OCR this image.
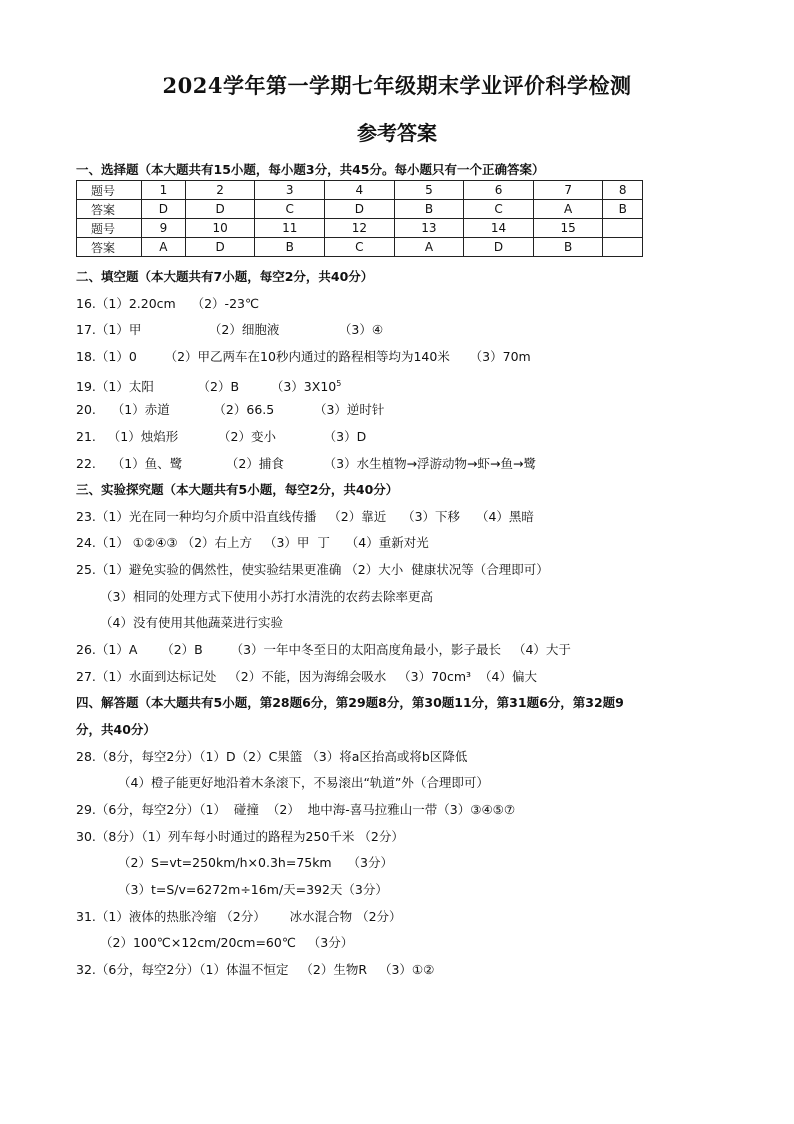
2024学年第一学期七年级期末学业评价科学检测
参考答案
一、选择题（本大题共有15小题，每小题3分，共45分。每小题只有一个正确答案）
题号	1	2	3	4	5	6	7	8
答案	D	D	C	D	B	C	A	B
题号	9	10	11	12	13	14	15	
答案	A	D	B	C	A	D	B	
二、填空题（本大题共有7小题，每空2分，共40分）
16.（1）2.20cm    （2）-23℃
17.（1）甲                 （2）细胞液               （3）④
18.（1）0       （2）甲乙两车在10秒内通过的路程相等均为140米     （3）70m
19.（1）太阳           （2）B        $(3)3X10^5$
20.    （1）赤道           （2）66.5          （3）逆时针
21.   （1）烛焰形          （2）变小            （3）D
22.    （1）鱼、鹭           （2）捕食          （3）水生植物→浮游动物→虾→鱼→鹭
三、实验探究题（本大题共有5小题，每空2分，共40分）
23.（1）光在同一种均匀介质中沿直线传播   （2）靠近    （3）下移    （4）黑暗
24.（1） ①②④③ （2）右上方   （3）甲  丁    （4）重新对光
25.（1）避免实验的偶然性，使实验结果更准确 （2）大小  健康状况等（合理即可）
（3）相同的处理方式下使用小苏打水清洗的农药去除率更高
（4）没有使用其他蔬菜进行实验
26.（1）A      （2）B       （3）一年中冬至日的太阳高度角最小，影子最长   （4）大于
27.（1）水面到达标记处   （2）不能，因为海绵会吸水   （3）70cm³  （4）偏大
四、解答题（本大题共有5小题，第28题6分，第29题8分，第30题11分，第31题6分，第32题9
分，共40分）
28.（8分，每空2分）（1）D（2）C果篮 （3）将a区抬高或将b区降低
（4）橙子能更好地沿着木条滚下，不易滚出“轨道”外（合理即可）
29.（6分，每空2分）（1）  碰撞  （2）  地中海-喜马拉雅山一带（3）③④⑤⑦
30.（8分）（1）列车每小时通过的路程为250千米 （2分）
（2）S=vt=250km/h×0.3h=75km    （3分）
（3）t=S/v=6272m÷16m/天=392天（3分）
31.（1）液体的热胀冷缩 （2分）      冰水混合物 （2分）
（2）100℃×12cm/20cm=60℃   （3分）
32.（6分，每空2分）（1）体温不恒定   （2）生物R   （3）①②
